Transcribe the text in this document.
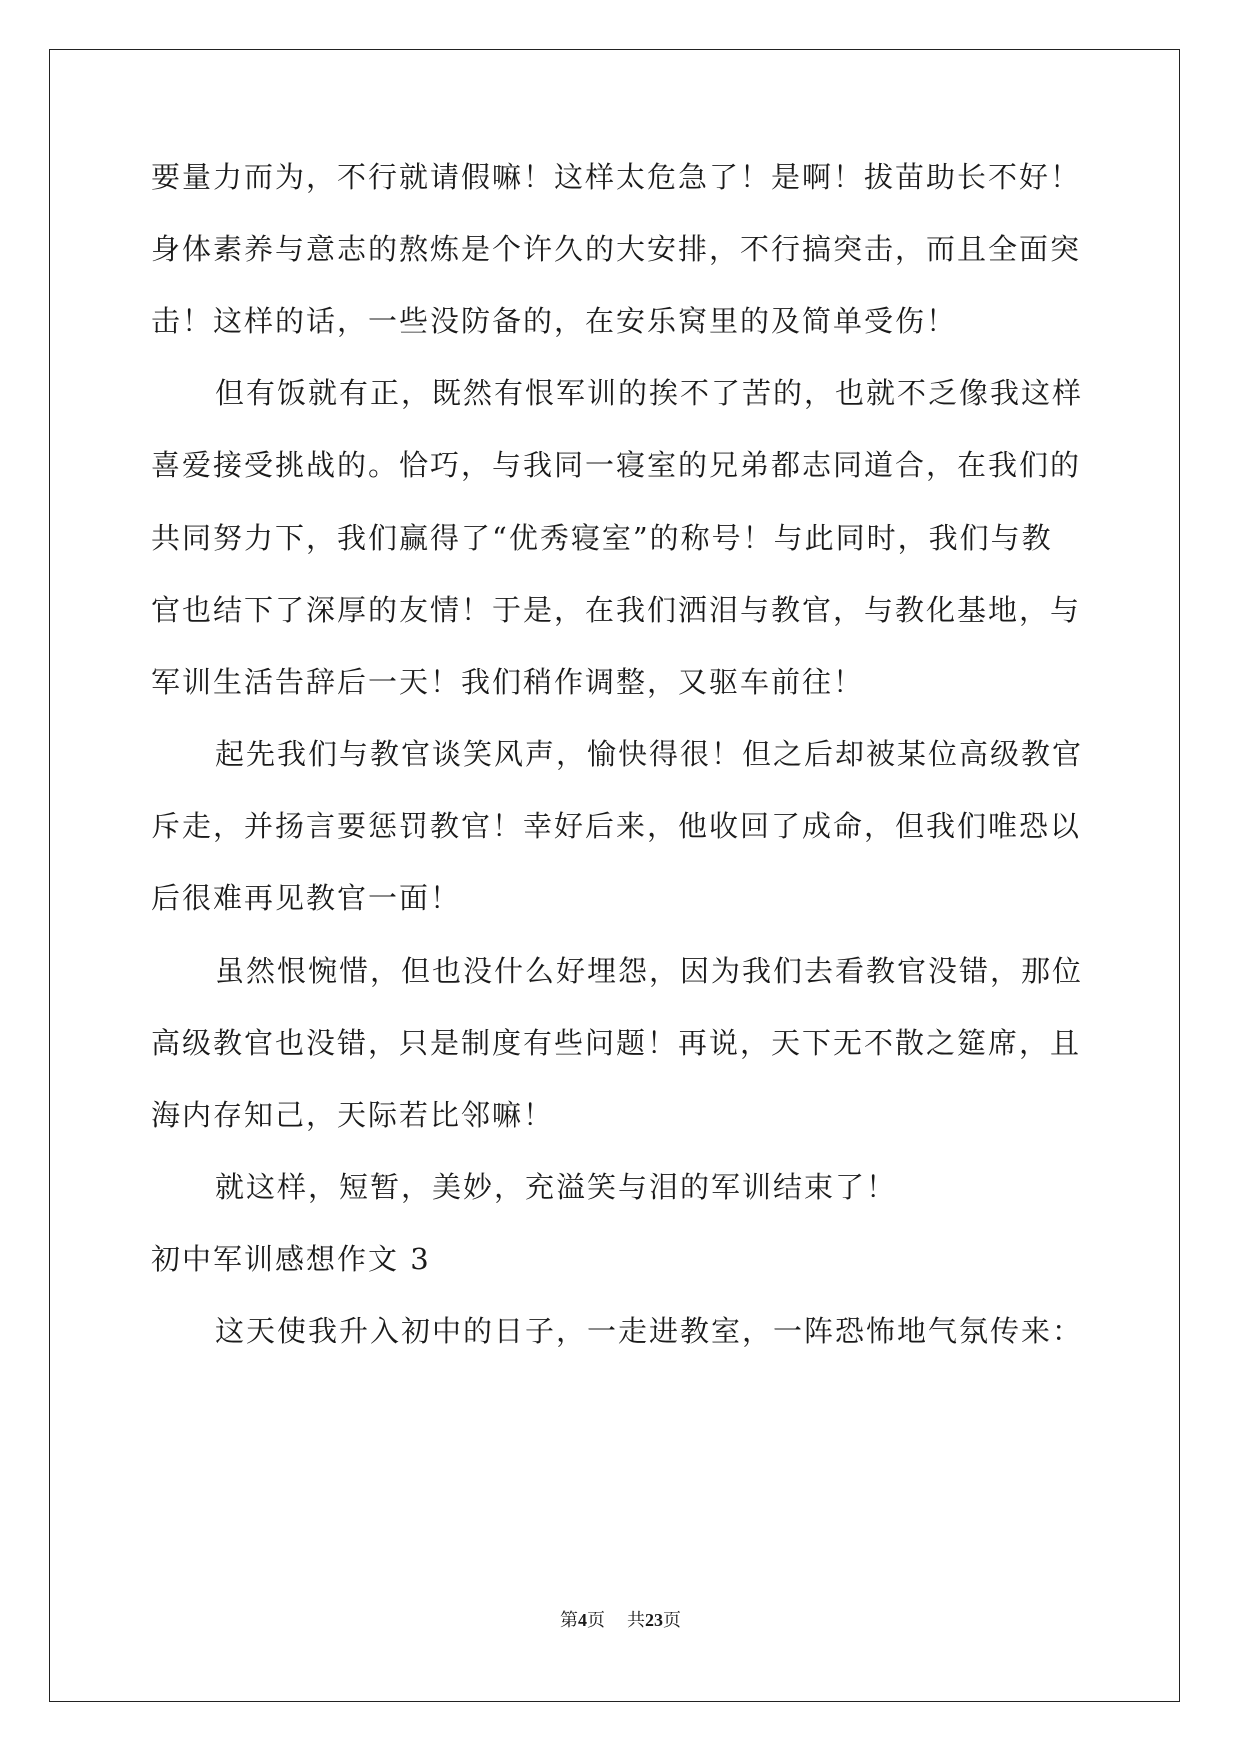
要量力而为，不行就请假嘛！这样太危急了！是啊！拔苗助长不好！
身体素养与意志的熬炼是个许久的大安排，不行搞突击，而且全面突
击！这样的话，一些没防备的，在安乐窝里的及简单受伤！
但有饭就有正，既然有恨军训的挨不了苦的，也就不乏像我这样
喜爱接受挑战的。恰巧，与我同一寝室的兄弟都志同道合，在我们的
共同努力下，我们赢得了“优秀寝室”的称号！与此同时，我们与教
官也结下了深厚的友情！于是，在我们洒泪与教官，与教化基地，与
军训生活告辞后一天！我们稍作调整，又驱车前往！
起先我们与教官谈笑风声，愉快得很！但之后却被某位高级教官
斥走，并扬言要惩罚教官！幸好后来，他收回了成命，但我们唯恐以
后很难再见教官一面！
虽然恨惋惜，但也没什么好埋怨，因为我们去看教官没错，那位
高级教官也没错，只是制度有些问题！再说，天下无不散之筵席，且
海内存知己，天际若比邻嘛！
就这样，短暂，美妙，充溢笑与泪的军训结束了！
初中军训感想作文 3
这天使我升入初中的日子，一走进教室，一阵恐怖地气氛传来：
第4页 共23页
